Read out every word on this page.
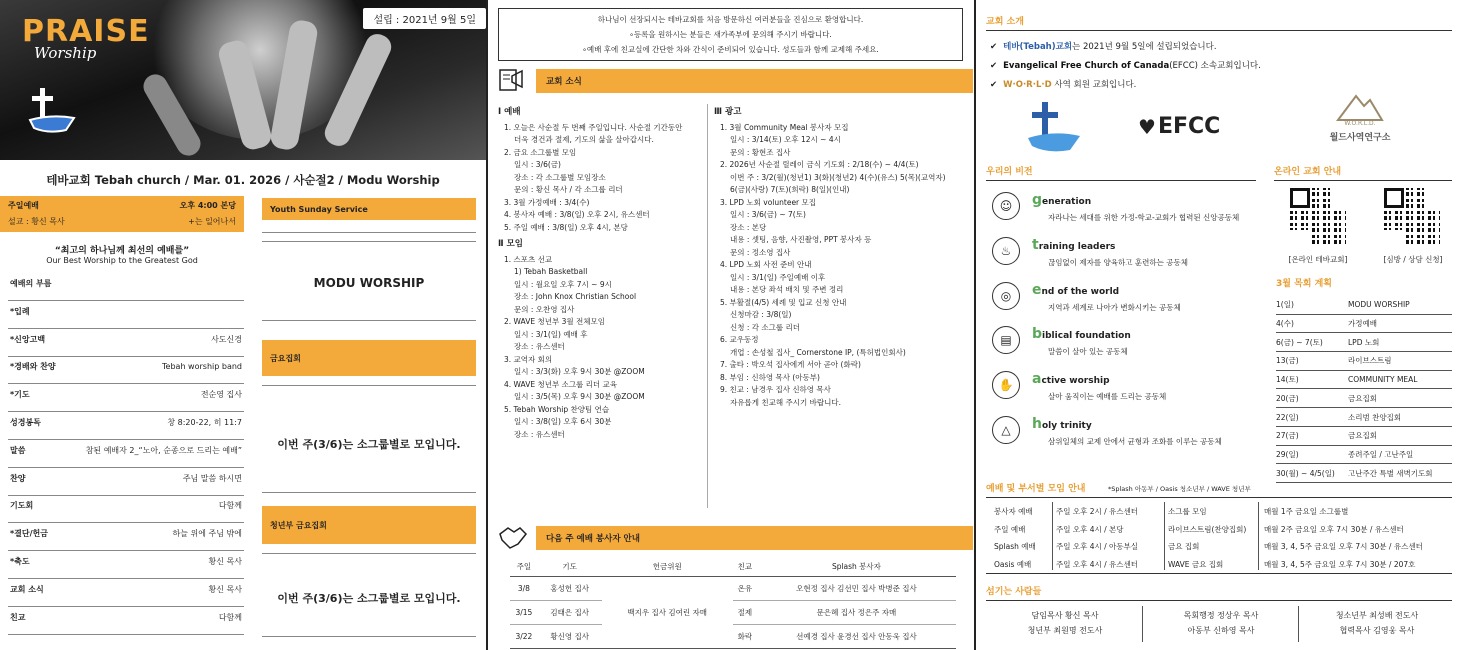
PRAISE
Worship
설립 : 2021년 9월 5일
테바교회 Tebah church / Mar. 01. 2026 / 사순절2 / Modu Worship
주일예배	오후 4:00 본당
설교 : 황신 목사	+는 일어나서
“최고의 하나님께 최선의 예배를”
Our Best Worship to the Greatest God
예배의 부름
*입례
*신앙고백	사도신경
*경배와 찬양	Tebah worship band
*기도	전순영 집사
성경봉독	창 8:20-22, 히 11:7
말씀	참된 예배자 2_“노아, 순종으로 드리는 예배”
찬양	주님 말씀 하시면
기도회	다함께
*결단/헌금	하늘 위에 주님 밖에
*축도	황신 목사
교회 소식	황신 목사
친교	다함께
Youth Sunday Service
MODU WORSHIP
금요집회
이번 주(3/6)는 소그룹별로 모입니다.
청년부 금요집회
이번 주(3/6)는 소그룹별로 모입니다.
하나님이 선장되시는 테바교회를 처음 방문하신 여러분들을 진심으로 환영합니다.
∘등록을 원하시는 분들은 새가족부에 문의해 주시기 바랍니다.
∘예배 후에 친교실에 간단한 차와 간식이 준비되어 있습니다. 성도들과 함께 교제해 주세요.
교회 소식
Ⅰ 예배
1. 오늘은 사순절 두 번째 주일입니다. 사순절 기간동안
더욱 경건과 절제, 기도의 삶을 살아갑시다.
2. 금요 소그룹별 모임
일시 : 3/6(금)
장소 : 각 소그룹별 모임장소
문의 : 황신 목사 / 각 소그룹 리더
3. 3월 가정예배 : 3/4(수)
4. 봉사자 예배 : 3/8(일) 오후 2시, 유스센터
5. 주일 예배 : 3/8(일) 오후 4시, 본당
Ⅱ 모임
1. 스포츠 선교
1) Tebah Basketball
일시 : 월요일 오후 7시 ~ 9시
장소 : John Knox Christian School
문의 : 오찬영 집사
2. WAVE 청년부 3월 전체모임
일시 : 3/1(일) 예배 후
장소 : 유스센터
3. 교역자 회의
일시 : 3/3(화) 오후 9시 30분 @ZOOM
4. WAVE 청년부 소그룹 리더 교육
일시 : 3/5(목) 오후 9시 30분 @ZOOM
5. Tebah Worship 찬양팀 연습
일시 : 3/8(일) 오후 6시 30분
장소 : 유스센터
Ⅲ 광고
1. 3월 Community Meal 봉사자 모집
일시 : 3/14(토) 오후 12시 ~ 4시
문의 : 황현조 집사
2. 2026년 사순절 릴레이 금식 기도회 : 2/18(수) ~ 4/4(토)
이번 주 : 3/2(월)(청년1) 3(화)(청년2) 4(수)(유스) 5(목)(교역자)
6(금)(사랑) 7(토)(희락) 8(일)(인내)
3. LPD 노회 volunteer 모집
일시 : 3/6(금) ~ 7(토)
장소 : 본당
내용 : 셋팅, 음향, 사진촬영, PPT 봉사자 등
문의 : 정소영 집사
4. LPD 노회 사전 준비 안내
일시 : 3/1(일) 주일예배 이후
내용 : 본당 좌석 배치 및 주변 정리
5. 부활절(4/5) 세례 및 입교 신청 안내
신청마감 : 3/8(일)
신청 : 각 소그룹 리더
6. 교우동정
개업 : 손성철 집사_ Cornerstone IP, (특허법인회사)
7. 출타 : 박오석 집사에게 서아 곧아 (화락)
8. 부임 : 신하영 목사 (아동부)
9. 친교 : 남경우 집사 신하영 목사
자유롭게 친교해 주시기 바랍니다.
다음 주 예배 봉사자 안내
주일	기도	헌금위원	친교	Splash 봉사자
3/8	홍성헌 집사	백지우 집사 김여린 자매	온유	오현정 집사 김선민 집사 박병준 집사
3/15	김태은 집사		절제	문은혜 집사 정은주 자매
3/22	황신영 집사		화락	선예경 집사 윤경선 집사 안동욱 집사
교회 소개
✔ 테바(Tebah)교회는 2021년 9월 5일에 설립되었습니다.
✔ Evangelical Free Church of Canada(EFCC) 소속교회입니다.
✔ W·O·R·L·D 사역 회원 교회입니다.
♥ EFCC	W.O.R.L.D.
월드사역연구소
우리의 비전
☺	generation
자라나는 세대를 위한 가정-학교-교회가 협력된 신앙공동체
♨	training leaders
끊임없이 제자를 양육하고 훈련하는 공동체
◎	end of the world
지역과 세계로 나아가 변화시키는 공동체
▤	biblical foundation
말씀이 살아 있는 공동체
✋	active worship
살아 움직이는 예배를 드리는 공동체
△	holy trinity
삼위일체의 교제 안에서 균형과 조화를 이루는 공동체
온라인 교회 안내
[온라인 테바교회]	[심방 / 상담 신청]
3월 목회 계획
1(일)	MODU WORSHIP
4(수)	가정예배
6(금) ~ 7(토)	LPD 노회
13(금)	라이브스트림
14(토)	COMMUNITY MEAL
20(금)	금요집회
22(일)	소리범 찬양집회
27(금)	금요집회
29(일)	종려주일 / 고난주일
30(월) ~ 4/5(일)	고난주간 특별 새벽기도회
예배 및 부서별 모임 안내	*Splash 아동부 / Oasis 청소년부 / WAVE 청년부
봉사자 예배	주일 오후 2시 / 유스센터	소그룹 모임	매월 1주 금요일 소그룹별
주일 예배	주일 오후 4시 / 본당	라이브스트림(찬양집회)	매월 2주 금요일 오후 7시 30분 / 유스센터
Splash 예배	주일 오후 4시 / 아동부실	금요 집회	매월 3, 4, 5주 금요일 오후 7시 30분 / 유스센터
Oasis 예배	주일 오후 4시 / 유스센터	WAVE 금요 집회	매월 3, 4, 5주 금요일 오후 7시 30분 / 207호
섬기는 사람들
담임목사 황신 목사
청년부 최원명 전도사
목회행정 정상우 목사
아동부 신하영 목사
청소년부 최성배 전도사
협력목사 김영웅 목사
